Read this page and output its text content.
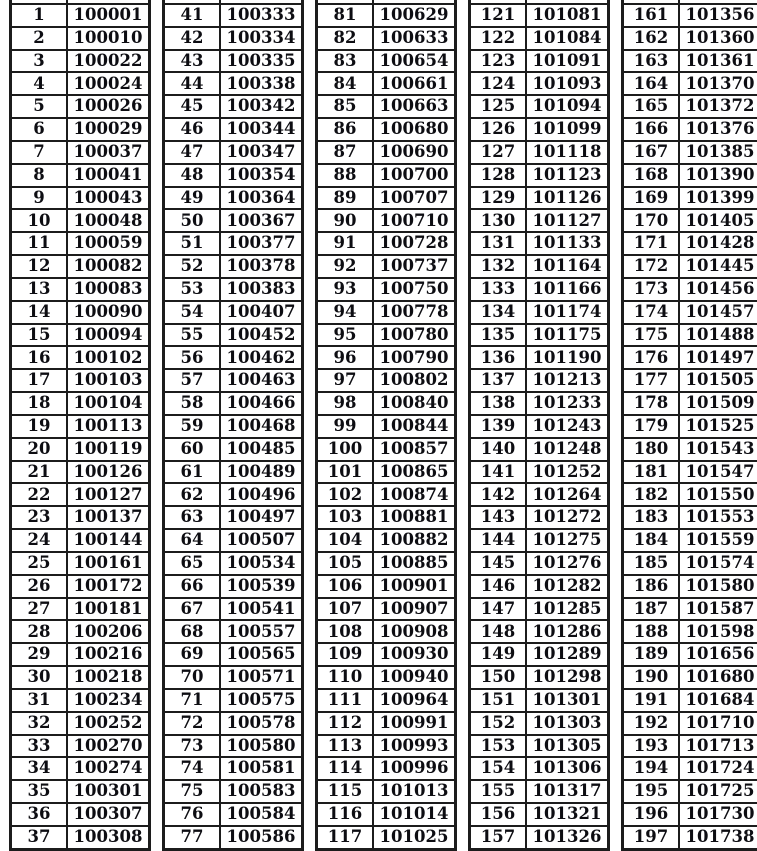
1	100001
2	100010
3	100022
4	100024
5	100026
6	100029
7	100037
8	100041
9	100043
10	100048
11	100059
12	100082
13	100083
14	100090
15	100094
16	100102
17	100103
18	100104
19	100113
20	100119
21	100126
22	100127
23	100137
24	100144
25	100161
26	100172
27	100181
28	100206
29	100216
30	100218
31	100234
32	100252
33	100270
34	100274
35	100301
36	100307
37	100308
41	100333
42	100334
43	100335
44	100338
45	100342
46	100344
47	100347
48	100354
49	100364
50	100367
51	100377
52	100378
53	100383
54	100407
55	100452
56	100462
57	100463
58	100466
59	100468
60	100485
61	100489
62	100496
63	100497
64	100507
65	100534
66	100539
67	100541
68	100557
69	100565
70	100571
71	100575
72	100578
73	100580
74	100581
75	100583
76	100584
77	100586
81	100629
82	100633
83	100654
84	100661
85	100663
86	100680
87	100690
88	100700
89	100707
90	100710
91	100728
92	100737
93	100750
94	100778
95	100780
96	100790
97	100802
98	100840
99	100844
100	100857
101	100865
102	100874
103	100881
104	100882
105	100885
106	100901
107	100907
108	100908
109	100930
110	100940
111	100964
112	100991
113	100993
114	100996
115	101013
116	101014
117	101025
121	101081
122	101084
123	101091
124	101093
125	101094
126	101099
127	101118
128	101123
129	101126
130	101127
131	101133
132	101164
133	101166
134	101174
135	101175
136	101190
137	101213
138	101233
139	101243
140	101248
141	101252
142	101264
143	101272
144	101275
145	101276
146	101282
147	101285
148	101286
149	101289
150	101298
151	101301
152	101303
153	101305
154	101306
155	101317
156	101321
157	101326
161	101356
162	101360
163	101361
164	101370
165	101372
166	101376
167	101385
168	101390
169	101399
170	101405
171	101428
172	101445
173	101456
174	101457
175	101488
176	101497
177	101505
178	101509
179	101525
180	101543
181	101547
182	101550
183	101553
184	101559
185	101574
186	101580
187	101587
188	101598
189	101656
190	101680
191	101684
192	101710
193	101713
194	101724
195	101725
196	101730
197	101738
